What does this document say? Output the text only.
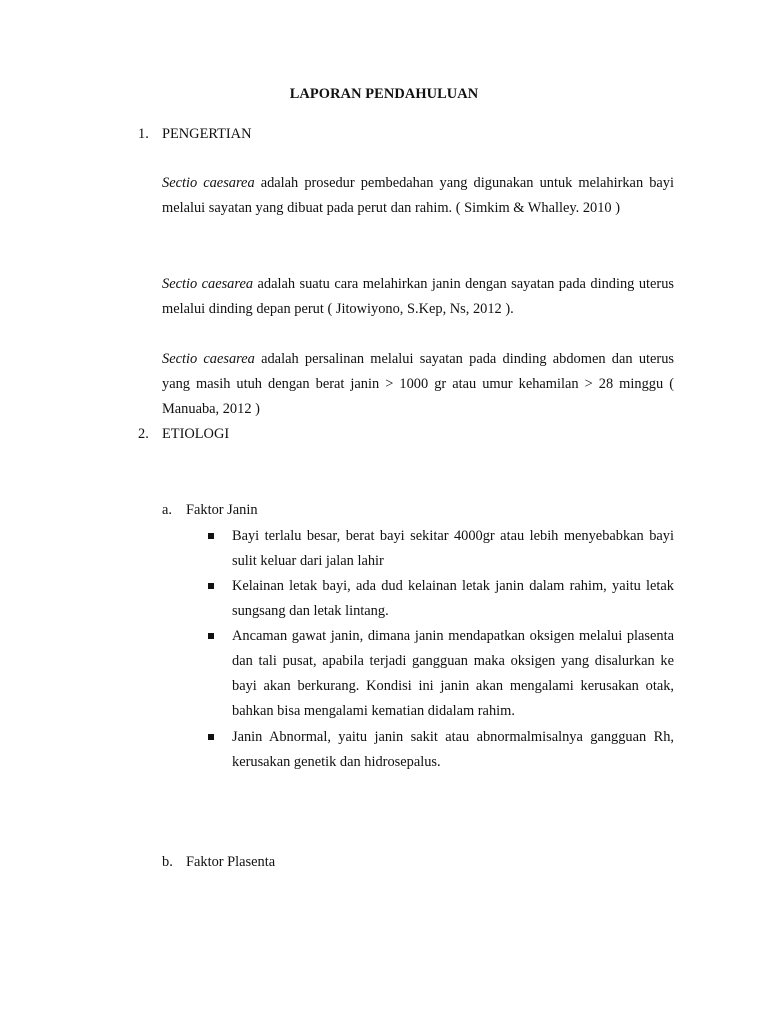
LAPORAN PENDAHULUAN
1. PENGERTIAN
Sectio caesarea adalah prosedur pembedahan yang digunakan untuk melahirkan bayi melalui sayatan yang dibuat pada perut dan rahim. ( Simkim & Whalley. 2010 )
Sectio caesarea adalah suatu cara melahirkan janin dengan sayatan pada dinding uterus melalui dinding depan perut ( Jitowiyono, S.Kep, Ns, 2012 ).
Sectio caesarea adalah persalinan melalui sayatan pada dinding abdomen dan uterus yang masih utuh dengan berat janin > 1000 gr atau umur kehamilan > 28 minggu ( Manuaba, 2012 )
2. ETIOLOGI
a. Faktor Janin
Bayi terlalu besar, berat bayi sekitar 4000gr atau lebih menyebabkan bayi sulit keluar dari jalan lahir
Kelainan letak bayi, ada dud kelainan letak janin dalam rahim, yaitu letak sungsang dan letak lintang.
Ancaman gawat janin, dimana janin mendapatkan oksigen melalui plasenta dan tali pusat, apabila terjadi gangguan maka oksigen yang disalurkan ke bayi akan berkurang. Kondisi ini janin akan mengalami kerusakan otak, bahkan bisa mengalami kematian didalam rahim.
Janin Abnormal, yaitu janin sakit atau abnormalmisalnya gangguan Rh, kerusakan genetik dan hidrosepalus.
b. Faktor Plasenta
